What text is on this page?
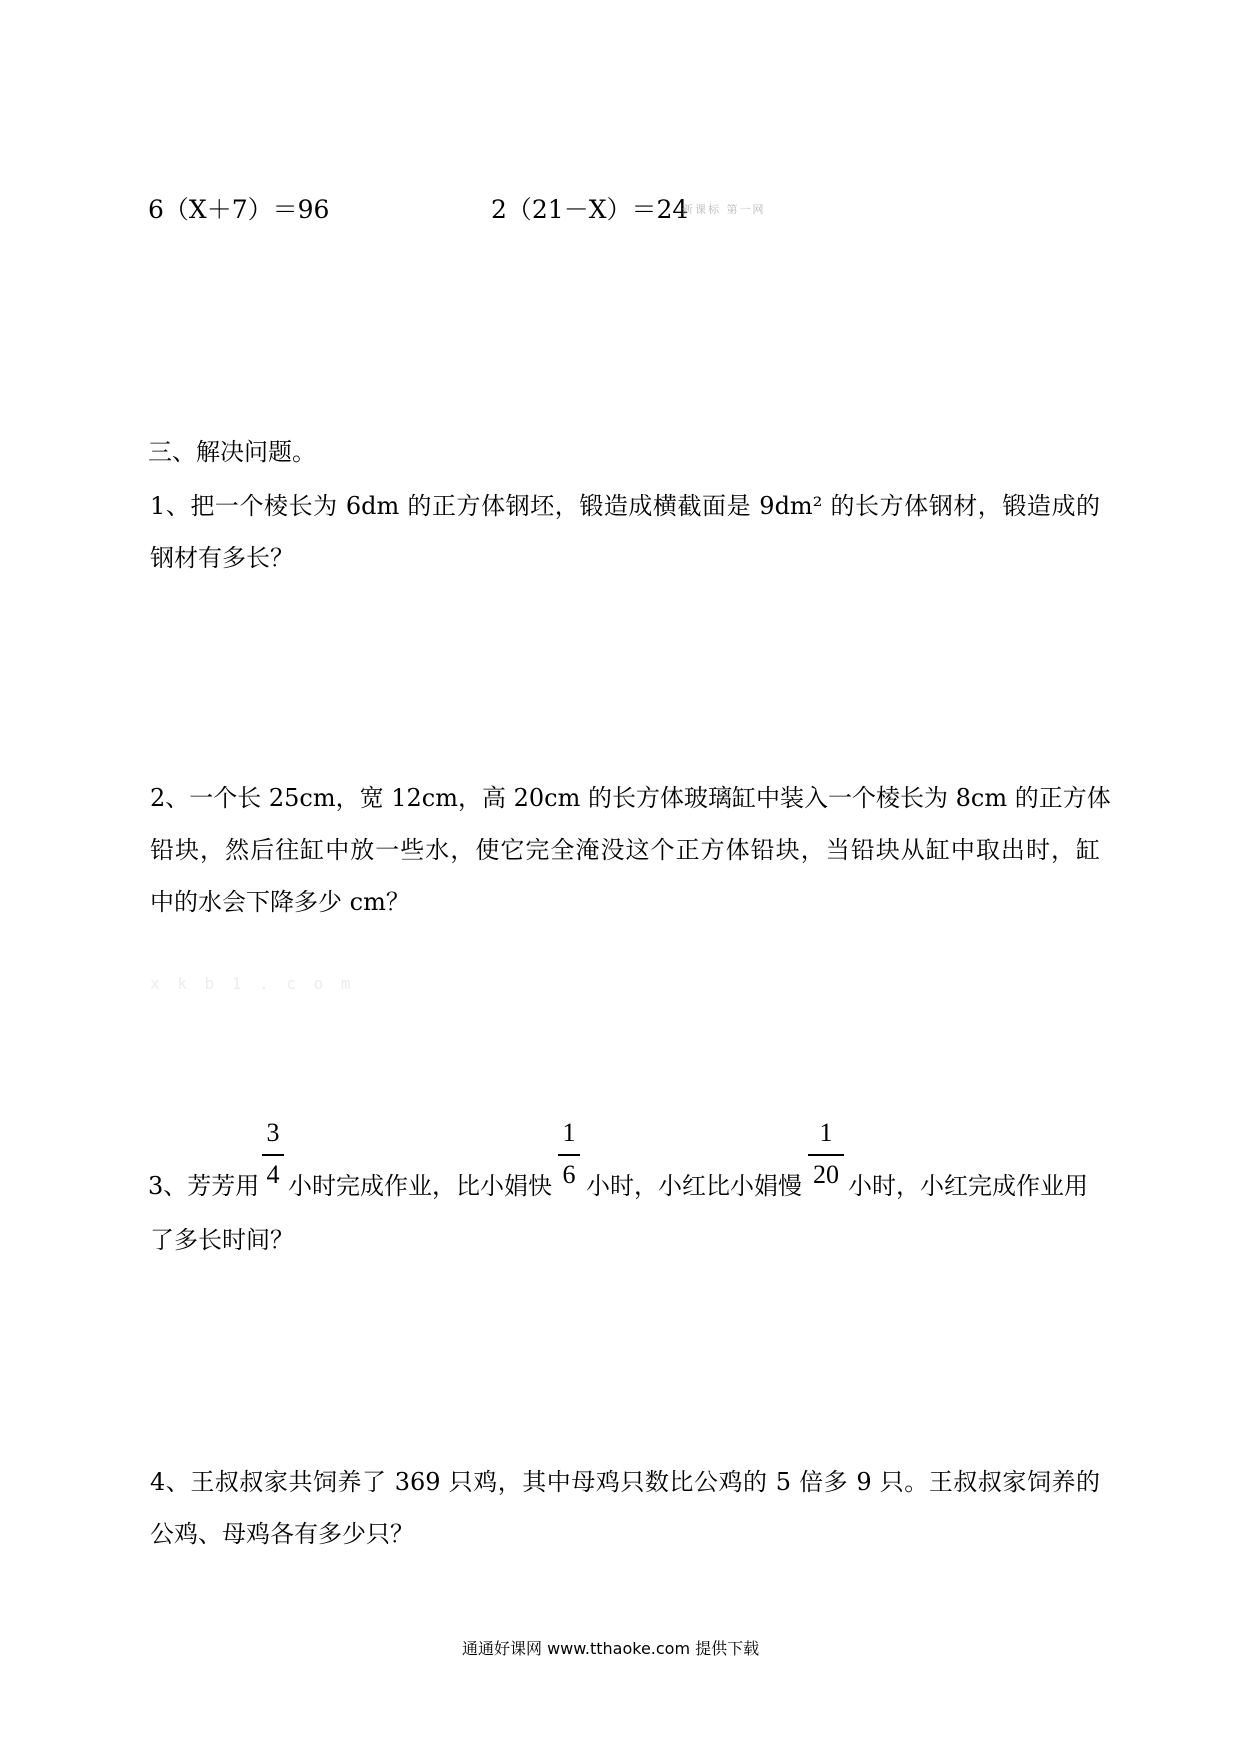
6（X＋7）＝96	2（21－X）＝24
新课标 第一网
三、解决问题。
1、把一个棱长为 6dm 的正方体钢坯，锻造成横截面是 9dm² 的长方体钢材，锻造成的
钢材有多长？
2、一个长 25cm，宽 12cm，高 20cm 的长方体玻璃缸中装入一个棱长为 8cm 的正方体
铅块，然后往缸中放一些水，使它完全淹没这个正方体铅块，当铅块从缸中取出时，缸
中的水会下降多少 cm？
x k b 1 . c o m
3、芳芳用
3
4 小时完成作业，比小娟快
1
6 小时，小红比小娟慢
1
20 小时，小红完成作业用
了多长时间？
4、王叔叔家共饲养了 369 只鸡，其中母鸡只数比公鸡的 5 倍多 9 只。王叔叔家饲养的
公鸡、母鸡各有多少只？
通通好课网 www.tthaoke.com 提供下载
